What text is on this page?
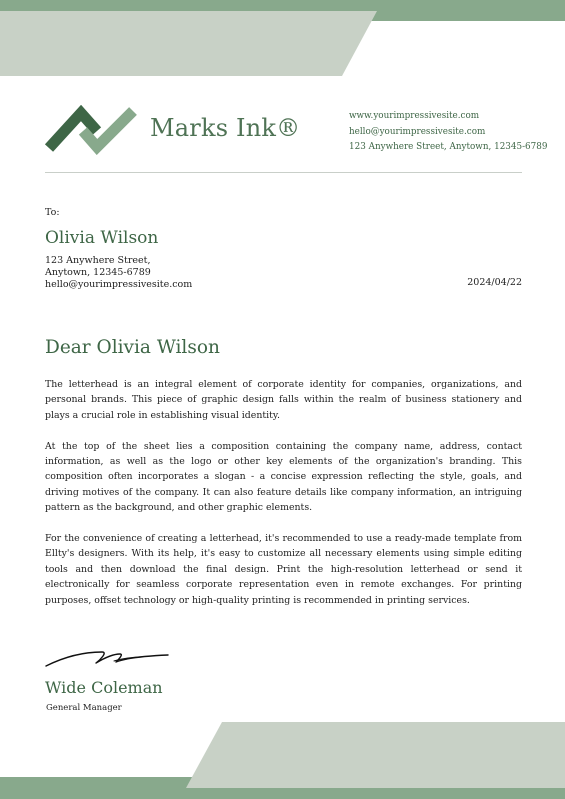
Marks Ink®	www.yourimpressivesite.com
hello@yourimpressivesite.com
123 Anywhere Street, Anytown, 12345-6789
To:
Olivia Wilson
123 Anywhere Street,
Anytown, 12345-6789
hello@yourimpressivesite.com	2024/04/22
Dear Olivia Wilson

The letterhead is an integral element of corporate identity for companies, organizations, and personal brands. This piece of graphic design falls within the realm of business stationery and plays a crucial role in establishing visual identity.

At the top of the sheet lies a composition containing the company name, address, contact information, as well as the logo or other key elements of the organization's branding. This composition often incorporates a slogan - a concise expression reflecting the style, goals, and driving motives of the company. It can also feature details like company information, an intriguing pattern as the background, and other graphic elements.

For the convenience of creating a letterhead, it's recommended to use a ready-made template from Ellty's designers. With its help, it's easy to customize all necessary elements using simple editing tools and then download the final design. Print the high-resolution letterhead or send it electronically for seamless corporate representation even in remote exchanges. For printing purposes, offset technology or high-quality printing is recommended in printing services.

Wide Coleman
General Manager
